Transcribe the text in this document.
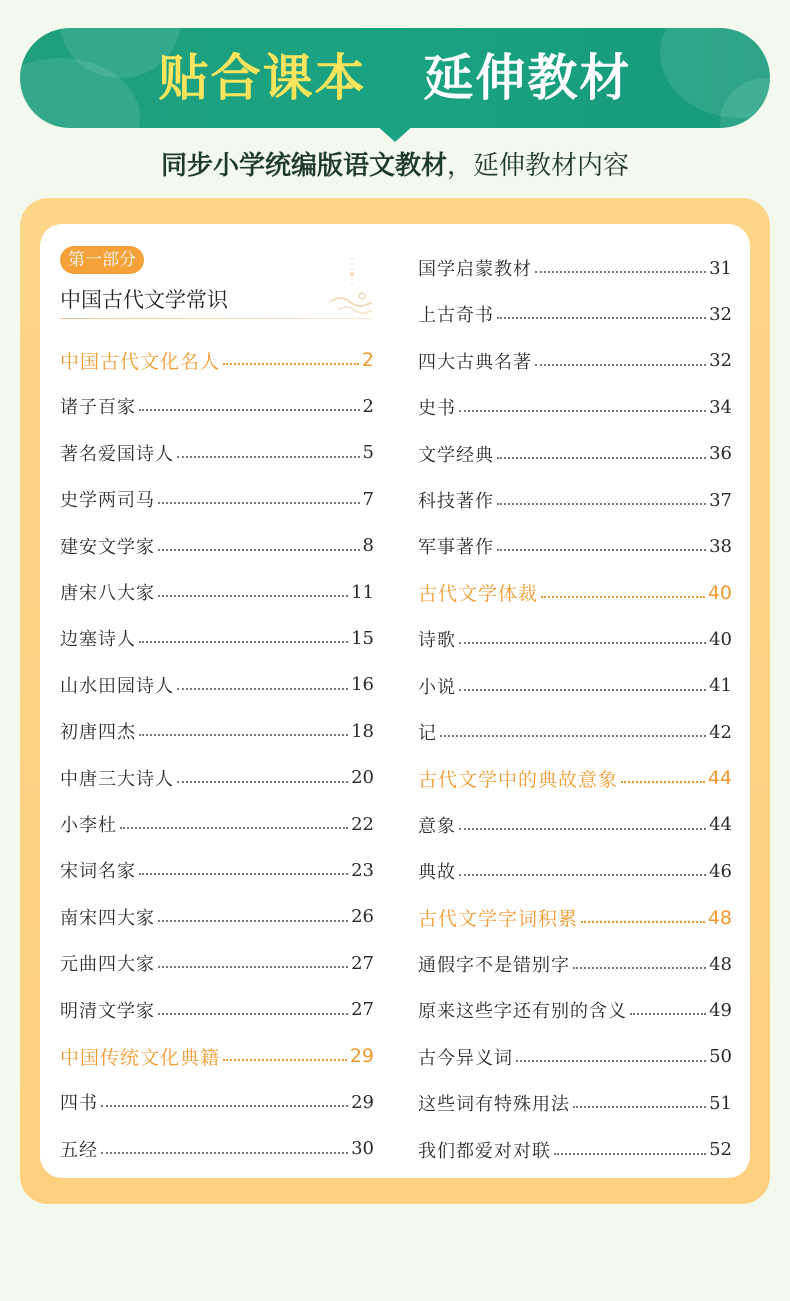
贴合课本 延伸教材
同步小学统编版语文教材，延伸教材内容
第一部分
中国古代文学常识
中国古代文化名人	2
诸子百家	2
著名爱国诗人	5
史学两司马	7
建安文学家	8
唐宋八大家	11
边塞诗人	15
山水田园诗人	16
初唐四杰	18
中唐三大诗人	20
小李杜	22
宋词名家	23
南宋四大家	26
元曲四大家	27
明清文学家	27
中国传统文化典籍	29
四书	29
五经	30
国学启蒙教材	31
上古奇书	32
四大古典名著	32
史书	34
文学经典	36
科技著作	37
军事著作	38
古代文学体裁	40
诗歌	40
小说	41
记	42
古代文学中的典故意象	44
意象	44
典故	46
古代文学字词积累	48
通假字不是错别字	48
原来这些字还有别的含义	49
古今异义词	50
这些词有特殊用法	51
我们都爱对对联	52
